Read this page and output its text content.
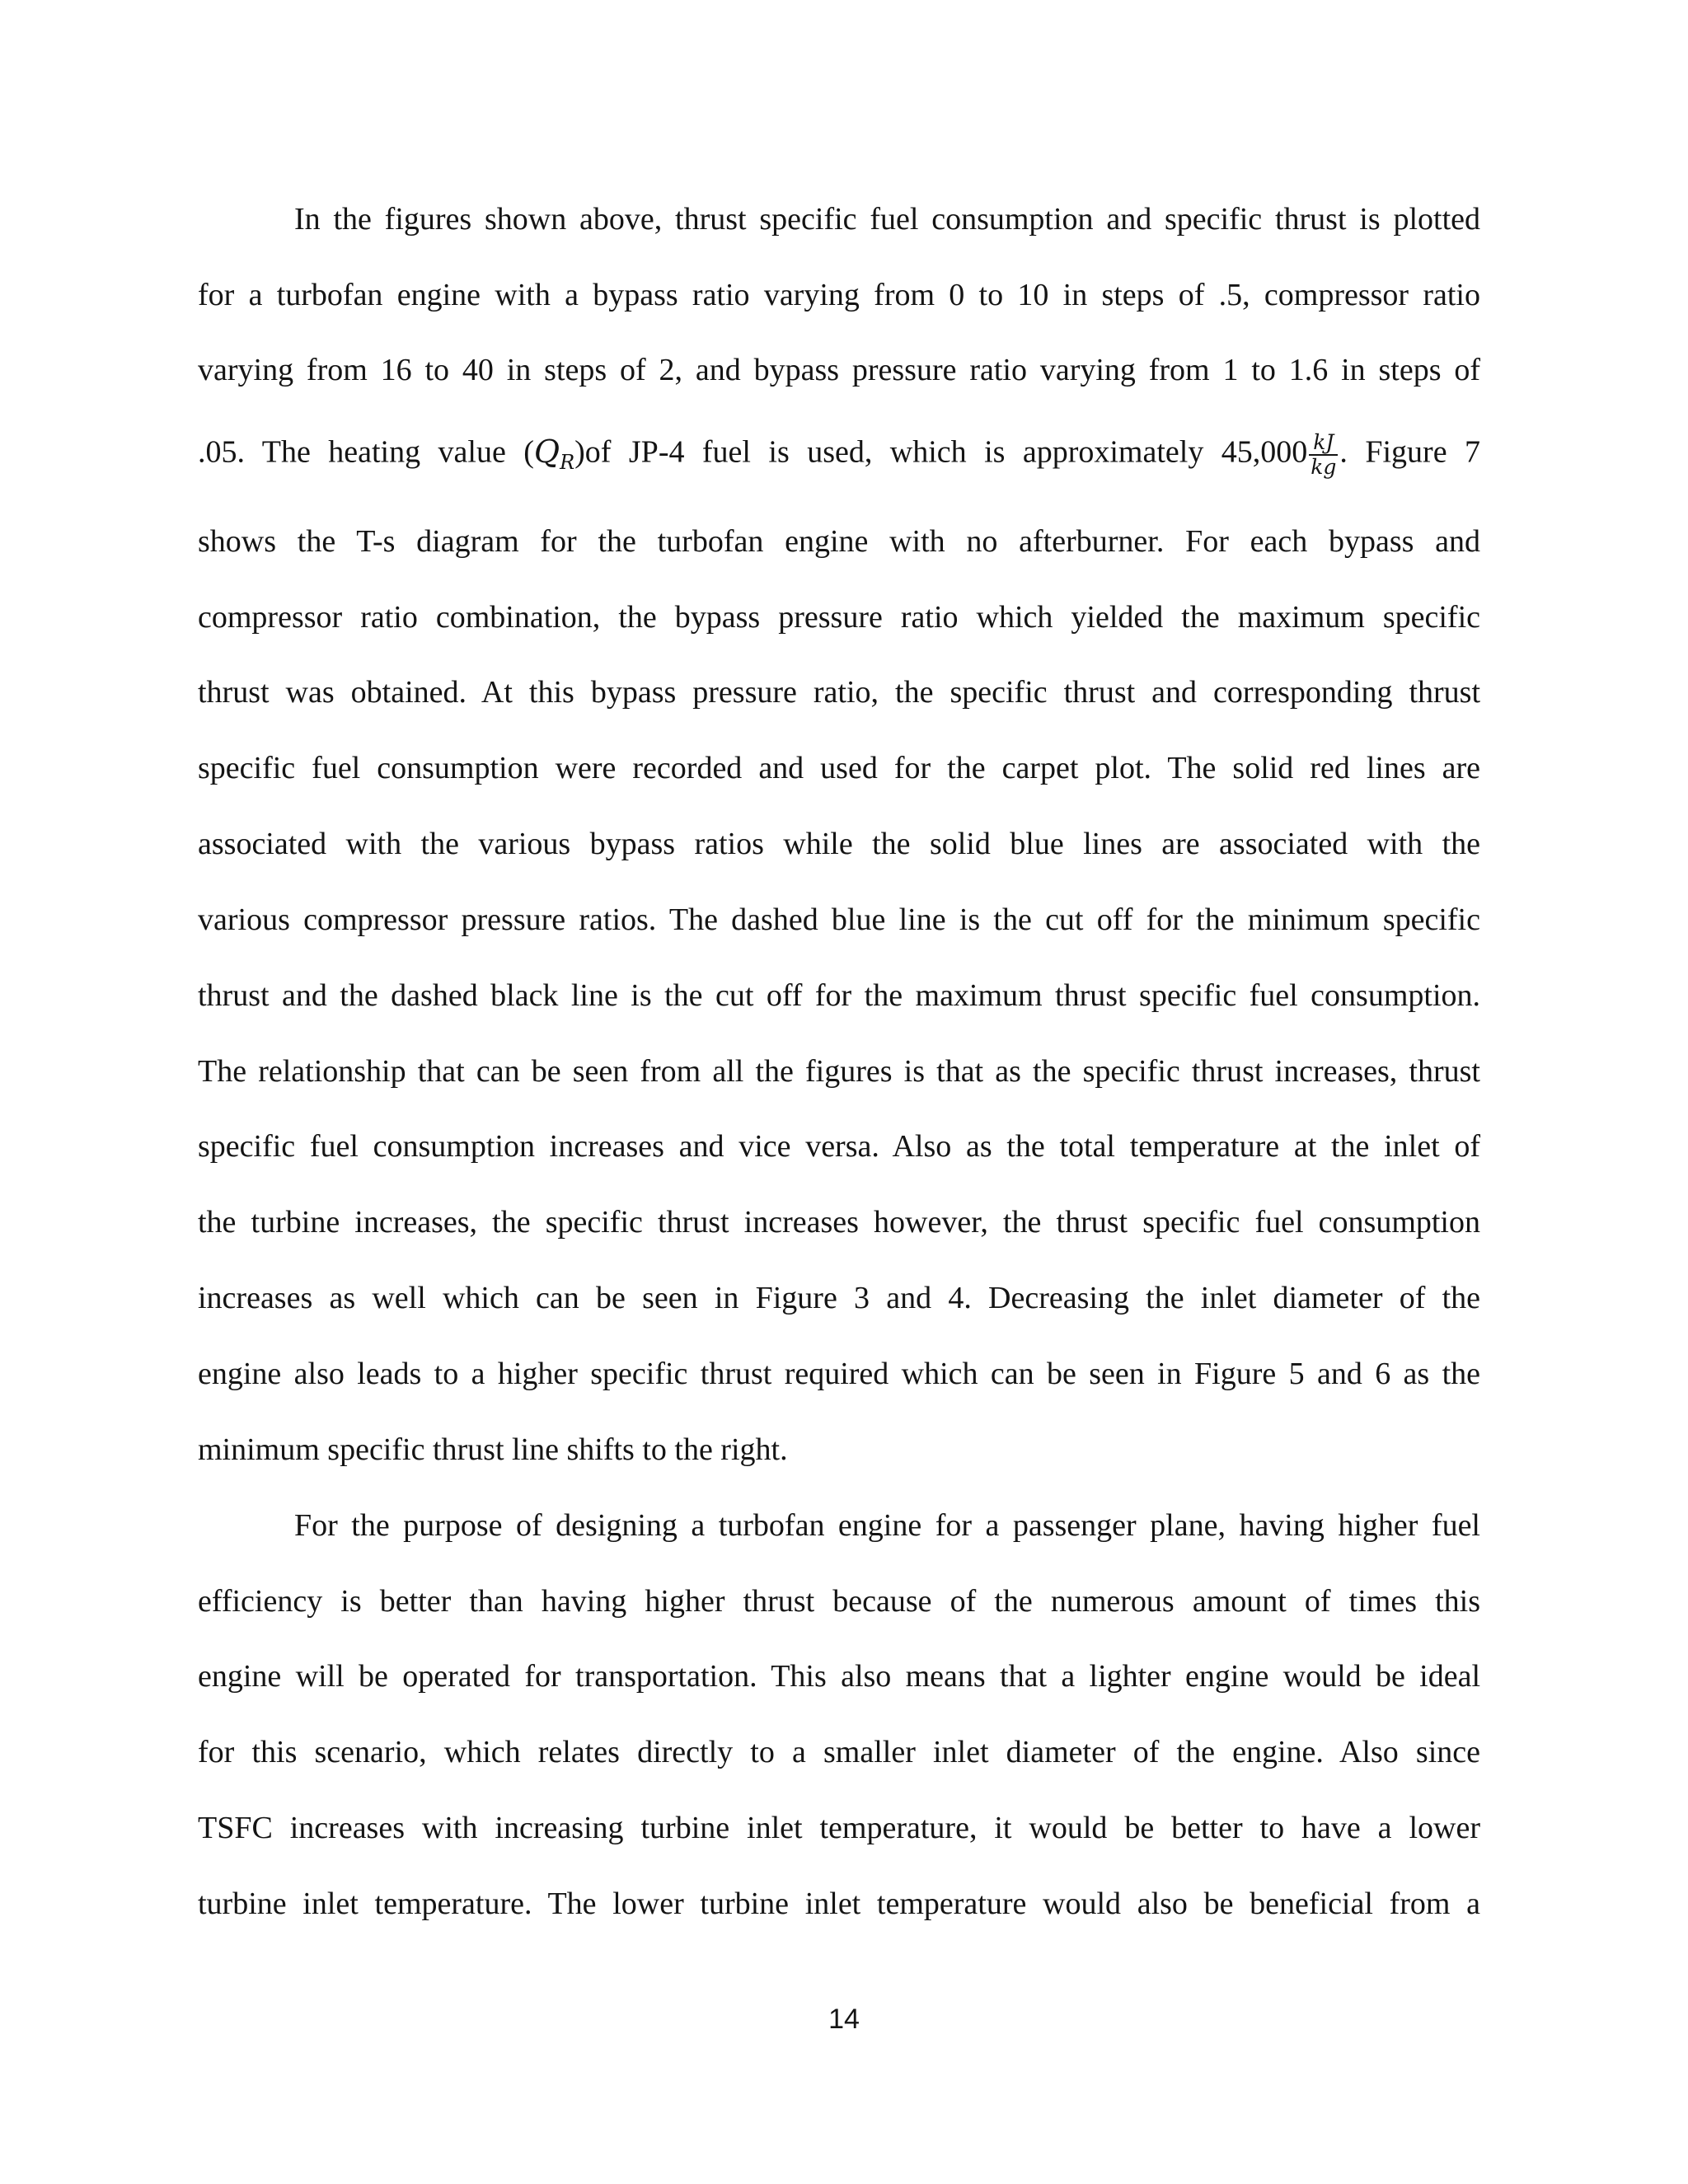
In the figures shown above, thrust specific fuel consumption and specific thrust is plotted
for a turbofan engine with a bypass ratio varying from 0 to 10 in steps of .5, compressor ratio
varying from 16 to 40 in steps of 2, and bypass pressure ratio varying from 1 to 1.6 in steps of
.05. The heating value $(Q_R)of$ JP-4 fuel is used, which is approximately $45,000 \frac{kJ}{kg}$ . Figure 7
shows the T-s diagram for the turbofan engine with no afterburner. For each bypass and
compressor ratio combination, the bypass pressure ratio which yielded the maximum specific
thrust was obtained. At this bypass pressure ratio, the specific thrust and corresponding thrust
specific fuel consumption were recorded and used for the carpet plot. The solid red lines are
associated with the various bypass ratios while the solid blue lines are associated with the
various compressor pressure ratios. The dashed blue line is the cut off for the minimum specific
thrust and the dashed black line is the cut off for the maximum thrust specific fuel consumption.
The relationship that can be seen from all the figures is that as the specific thrust increases, thrust
specific fuel consumption increases and vice versa. Also as the total temperature at the inlet of
the turbine increases, the specific thrust increases however, the thrust specific fuel consumption
increases as well which can be seen in Figure 3 and 4. Decreasing the inlet diameter of the
engine also leads to a higher specific thrust required which can be seen in Figure 5 and 6 as the
minimum specific thrust line shifts to the right.
For the purpose of designing a turbofan engine for a passenger plane, having higher fuel
efficiency is better than having higher thrust because of the numerous amount of times this
engine will be operated for transportation. This also means that a lighter engine would be ideal
for this scenario, which relates directly to a smaller inlet diameter of the engine. Also since
TSFC increases with increasing turbine inlet temperature, it would be better to have a lower
turbine inlet temperature. The lower turbine inlet temperature would also be beneficial from a
14
